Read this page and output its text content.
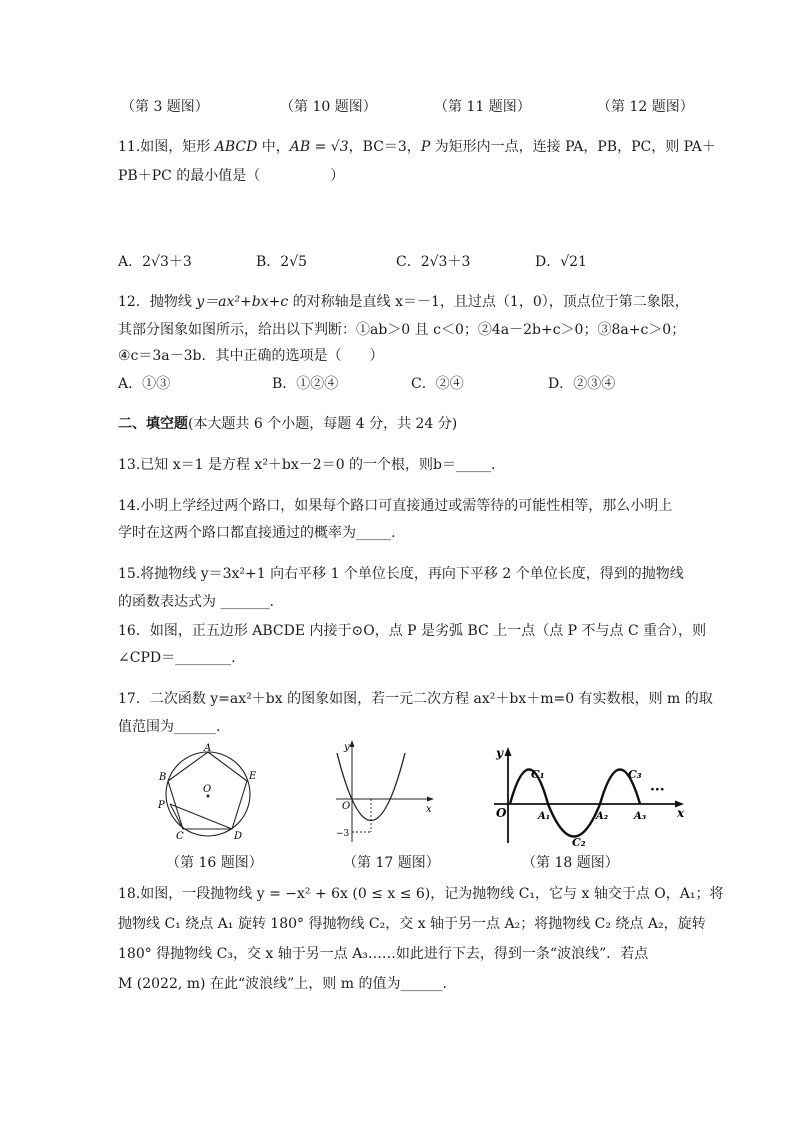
（第 3 题图）	（第 10 题图）	（第 11 题图）	（第 12 题图）
11.如图，矩形 ABCD 中，AB = √3，BC＝3，P 为矩形内一点，连接 PA，PB，PC，则 PA＋
PB＋PC 的最小值是（　　　　　）
A．2√3＋3	B．2√5	C．2√3＋3	D．√21
12．抛物线 y＝ax²+bx+c 的对称轴是直线 x＝－1，且过点（1，0），顶点位于第二象限，
其部分图象如图所示，给出以下判断：①ab＞0 且 c＜0；②4a－2b+c＞0；③8a+c＞0；
④c＝3a－3b．其中正确的选项是（　　）
A．①③	B．①②④	C．②④	D．②③④
二、填空题(本大题共 6 个小题，每题 4 分，共 24 分)
13.已知 x＝1 是方程 x²＋bx－2＝0 的一个根，则b＝_____.
14.小明上学经过两个路口，如果每个路口可直接通过或需等待的可能性相等，那么小明上
学时在这两个路口都直接通过的概率为_____.
15.将抛物线 y＝3x²+1 向右平移 1 个单位长度，再向下平移 2 个单位长度，得到的抛物线
的函数表达式为 _______.
16．如图，正五边形 ABCDE 内接于⊙O，点 P 是劣弧 BC 上一点（点 P 不与点 C 重合），则
∠CPD＝________.
17．二次函数 y=ax²＋bx 的图象如图，若一元二次方程 ax²＋bx＋m=0 有实数根，则 m 的取
值范围为______.
A
B
C	D
E
P
O
y
x
O
−3
y
x
O
C₁
C₂
C₃
A₁	A₂	A₃
···
（第 16 题图）	（第 17 题图）	（第 18 题图）
18.如图，一段抛物线 y = −x² + 6x (0 ≤ x ≤ 6)，记为抛物线 C₁，它与 x 轴交于点 O，A₁；将
抛物线 C₁ 绕点 A₁ 旋转 180° 得抛物线 C₂，交 x 轴于另一点 A₂；将抛物线 C₂ 绕点 A₂，旋转
180° 得抛物线 C₃，交 x 轴于另一点 A₃……如此进行下去，得到一条“波浪线”．若点
M (2022, m) 在此“波浪线”上，则 m 的值为______.
